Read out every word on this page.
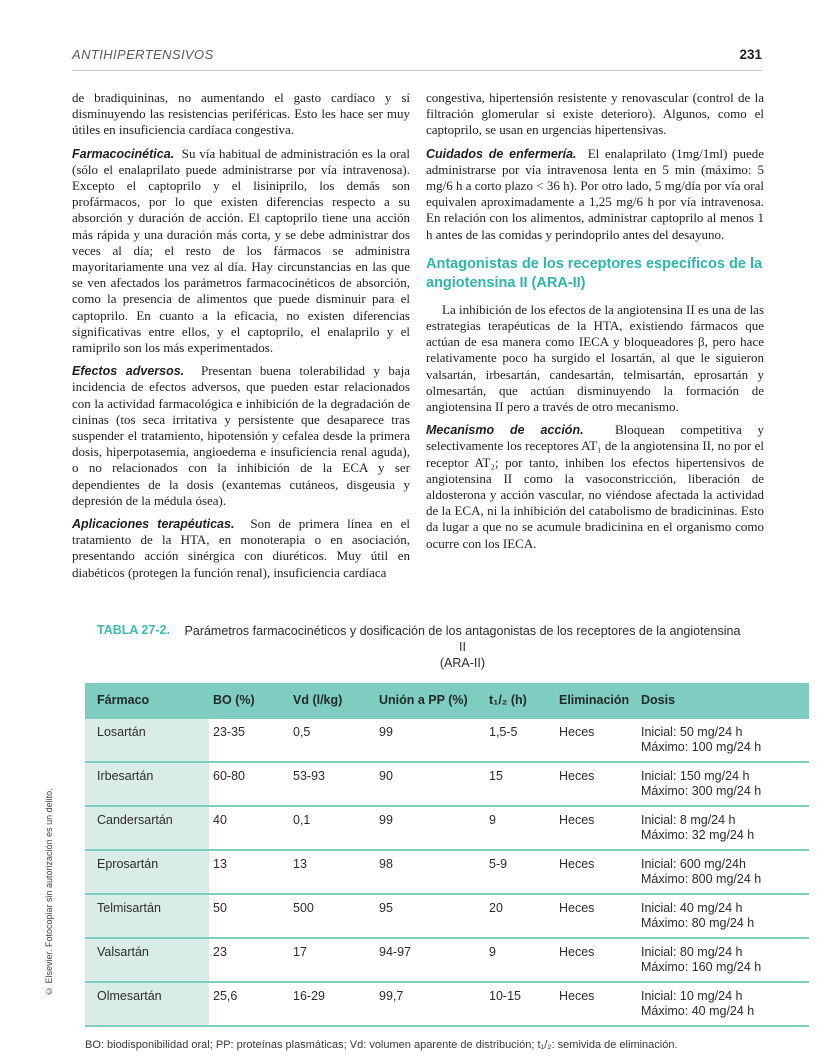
ANTIHIPERTENSIVOS	231

de bradiquininas, no aumentando el gasto cardíaco y sí disminuyendo las resistencias periféricas. Esto les hace ser muy útiles en insuficiencia cardíaca congestiva.

Farmacocinética. Su vía habitual de administración es la oral (sólo el enalaprilato puede administrarse por vía intravenosa). Excepto el captoprilo y el lisiniprilo, los demás son profármacos, por lo que existen diferencias respecto a su absorción y duración de acción. El captoprilo tiene una acción más rápida y una duración más corta, y se debe administrar dos veces al día; el resto de los fármacos se administra mayoritariamente una vez al día. Hay circunstancias en las que se ven afectados los parámetros farmacocinéticos de absorción, como la presencia de alimentos que puede disminuir para el captoprilo. En cuanto a la eficacia, no existen diferencias significativas entre ellos, y el captoprilo, el enalaprilo y el ramiprilo son los más experimentados.

Efectos adversos. Presentan buena tolerabilidad y baja incidencia de efectos adversos, que pueden estar relacionados con la actividad farmacológica e inhibición de la degradación de cininas (tos seca irritativa y persistente que desaparece tras suspender el tratamiento, hipotensión y cefalea desde la primera dosis, hiperpotasemia, angioedema e insuficiencia renal aguda), o no relacionados con la inhibición de la ECA y ser dependientes de la dosis (exantemas cutáneos, disgeusia y depresión de la médula ósea).

Aplicaciones terapéuticas. Son de primera línea en el tratamiento de la HTA, en monoterapia o en asociación, presentando acción sinérgica con diuréticos. Muy útil en diabéticos (protegen la función renal), insuficiencia cardíaca

congestiva, hipertensión resistente y renovascular (control de la filtración glomerular si existe deterioro). Algunos, como el captoprilo, se usan en urgencias hipertensivas.

Cuidados de enfermería. El enalaprilato (1mg/1ml) puede administrarse por vía intravenosa lenta en 5 min (máximo: 5 mg/6 h a corto plazo < 36 h). Por otro lado, 5 mg/día por vía oral equivalen aproximadamente a 1,25 mg/6 h por vía intravenosa. En relación con los alimentos, administrar captoprilo al menos 1 h antes de las comidas y perindoprilo antes del desayuno.

Antagonistas de los receptores específicos de la angiotensina II (ARA-II)

La inhibición de los efectos de la angiotensina II es una de las estrategias terapéuticas de la HTA, existiendo fármacos que actúan de esa manera como IECA y bloqueadores β, pero hace relativamente poco ha surgido el losartán, al que le siguieron valsartán, irbesartán, candesartán, telmisartán, eprosartán y olmesartán, que actúan disminuyendo la formación de angiotensina II pero a través de otro mecanismo.

Mecanismo de acción. Bloquean competitiva y selectivamente los receptores AT₁ de la angiotensina II, no por el receptor AT₂; por tanto, inhiben los efectos hipertensivos de angiotensina II como la vasoconstricción, liberación de aldosterona y acción vascular, no viéndose afectada la actividad de la ECA, ni la inhibición del catabolismo de bradicininas. Esto da lugar a que no se acumule bradicinina en el organismo como ocurre con los IECA.

TABLA 27-2.	Parámetros farmacocinéticos y dosificación de los antagonistas de los receptores de la angiotensina II
(ARA-II)
Fármaco	BO (%)	Vd (l/kg)	Unión a PP (%)	t₁/₂ (h)	Eliminación	Dosis
Losartán	23-35	0,5	99	1,5-5	Heces	Inicial: 50 mg/24 h
Máximo: 100 mg/24 h
Irbesartán	60-80	53-93	90	15	Heces	Inicial: 150 mg/24 h
Máximo: 300 mg/24 h
Candersartán	40	0,1	99	9	Heces	Inicial: 8 mg/24 h
Máximo: 32 mg/24 h
Eprosartán	13	13	98	5-9	Heces	Inicial: 600 mg/24h
Máximo: 800 mg/24 h
Telmisartán	50	500	95	20	Heces	Inicial: 40 mg/24 h
Máximo: 80 mg/24 h
Valsartán	23	17	94-97	9	Heces	Inicial: 80 mg/24 h
Máximo: 160 mg/24 h
Olmesartán	25,6	16-29	99,7	10-15	Heces	Inicial: 10 mg/24 h
Máximo: 40 mg/24 h
BO: biodisponibilidad oral; PP: proteínas plasmáticas; Vd: volumen aparente de distribución; t₁/₂: semivida de eliminación.
© Elsevier. Fotocopiar sin autorización es un delito.
